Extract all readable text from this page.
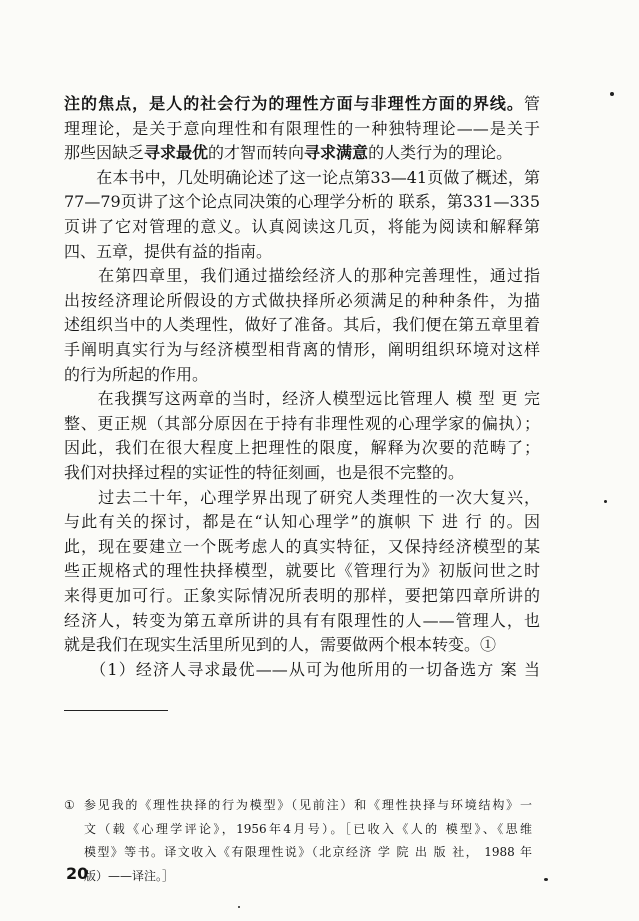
注的焦点，是人的社会行为的理性方面与非理性方面的界线。管
理理论，是关于意向理性和有限理性的一种独特理论——是关于
那些因缺乏寻求最优的才智而转向寻求满意的人类行为的理论。
　　在本书中，几处明确论述了这一论点第33—41页做了概述，第
77—79页讲了这个论点同决策的心理学分析的 联系，第331—335
页讲了它对管理的意义。认真阅读这几页，将能为阅读和解释第
四、五章，提供有益的指南。
　　在第四章里，我们通过描绘经济人的那种完善理性，通过指
出按经济理论所假设的方式做抉择所必须满足的种种条件，为描
述组织当中的人类理性，做好了准备。其后，我们便在第五章里着
手阐明真实行为与经济模型相背离的情形，阐明组织环境对这样
的行为所起的作用。
　　在我撰写这两章的当时，经济人模型远比管理人 模 型 更 完
整、更正规（其部分原因在于持有非理性观的心理学家的偏执）；
因此，我们在很大程度上把理性的限度，解释为次要的范畴了；
我们对抉择过程的实证性的特征刻画，也是很不完整的。
　　过去二十年，心理学界出现了研究人类理性的一次大复兴，
与此有关的探讨，都是在“认知心理学”的旗帜 下 进 行 的。因
此，现在要建立一个既考虑人的真实特征，又保持经济模型的某
些正规格式的理性抉择模型，就要比《管理行为》初版问世之时
来得更加可行。正象实际情况所表明的那样，要把第四章所讲的
经济人，转变为第五章所讲的具有有限理性的人——管理人，也
就是我们在现实生活里所见到的人，需要做两个根本转变。①
　　（1）经济人寻求最优——从可为他所用的一切备选方 案 当
① 参见我的《理性抉择的行为模型》（见前注）和《理性抉择与环境结构》一
文（载《心理学评论》，1956年4月号）。［已收入《人的 模型》、《思维
模型》等书。译文收入《有限理性说》（北京经济 学 院 出 版 社， 1988 年
版）——译注。］
20
